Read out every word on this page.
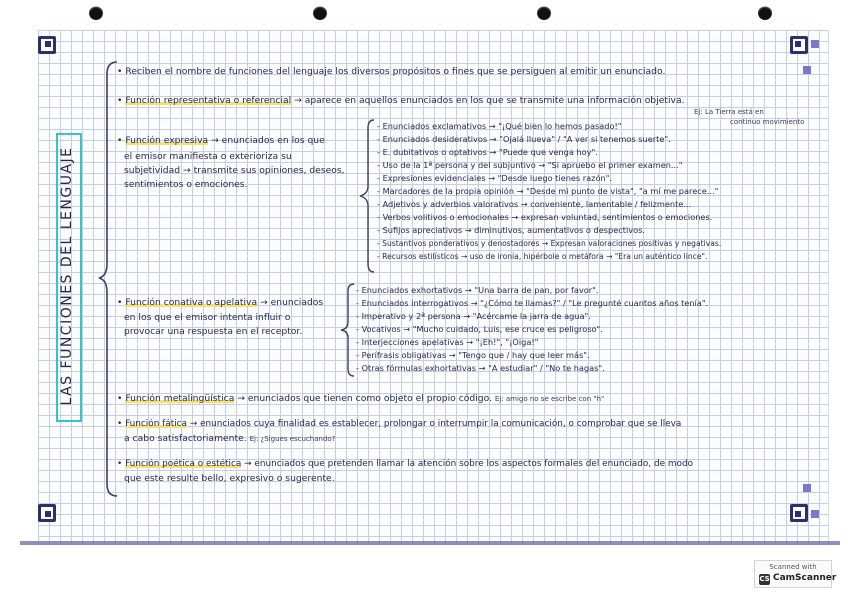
LAS FUNCIONES DEL LENGUAJE
• Reciben el nombre de funciones del lenguaje los diversos propósitos o fines que se persiguen al emitir un enunciado.
• Función representativa o referencial → aparece en aquellos enunciados en los que se transmite una información objetiva.
Ej: La Tierra está en
continuo movimiento
• Función expresiva → enunciados en los que
el emisor manifiesta o exterioriza su
subjetividad → transmite sus opiniones, deseos,
sentimientos o emociones.
- Enunciados exclamativos → "¡Qué bien lo hemos pasado!"
- Enunciados desiderativos → "Ojalá llueva" / "A ver si tenemos suerte".
- E. dubitativos o optativos → "Puede que venga hoy".
- Uso de la 1ª persona y del subjuntivo → "Si apruebo el primer examen..."
- Expresiones evidenciales → "Desde luego tienes razón".
- Marcadores de la propia opinión → "Desde mi punto de vista", "a mí me parece..."
- Adjetivos y adverbios valorativos → conveniente, lamentable / felizmente...
- Verbos volitivos o emocionales → expresan voluntad, sentimientos o emociones.
- Sufijos apreciativos → diminutivos, aumentativos o despectivos.
- Sustantivos ponderativos y denostadores → Expresan valoraciones positivas y negativas.
- Recursos estilísticos → uso de ironía, hipérbole o metáfora → "Era un auténtico lince".
• Función conativa o apelativa → enunciados
en los que el emisor intenta influir o
provocar una respuesta en el receptor.
- Enunciados exhortativos → "Una barra de pan, por favor".
- Enunciados interrogativos → "¿Cómo te llamas?" / "Le pregunté cuantos años tenía".
- Imperativo y 2ª persona → "Acércame la jarra de agua".
- Vocativos → "Mucho cuidado, Luis, ese cruce es peligroso".
- Interjecciones apelativas → "¡Eh!", "¡Oiga!"
- Perífrasis obligativas → "Tengo que / hay que leer más".
- Otras fórmulas exhortativas → "A estudiar" / "No te hagas".
• Función metalingüística → enunciados que tienen como objeto el propio código. Ej: amigo no se escribe con "h"
• Función fática → enunciados cuya finalidad es establecer, prolongar o interrumpir la comunicación, o comprobar que se lleva
a cabo satisfactoriamente. Ej: ¿Sigues escuchando?
• Función poética o estética → enunciados que pretenden llamar la atención sobre los aspectos formales del enunciado, de modo
que este resulte bello, expresivo o sugerente.
Scanned with
CS CamScanner
